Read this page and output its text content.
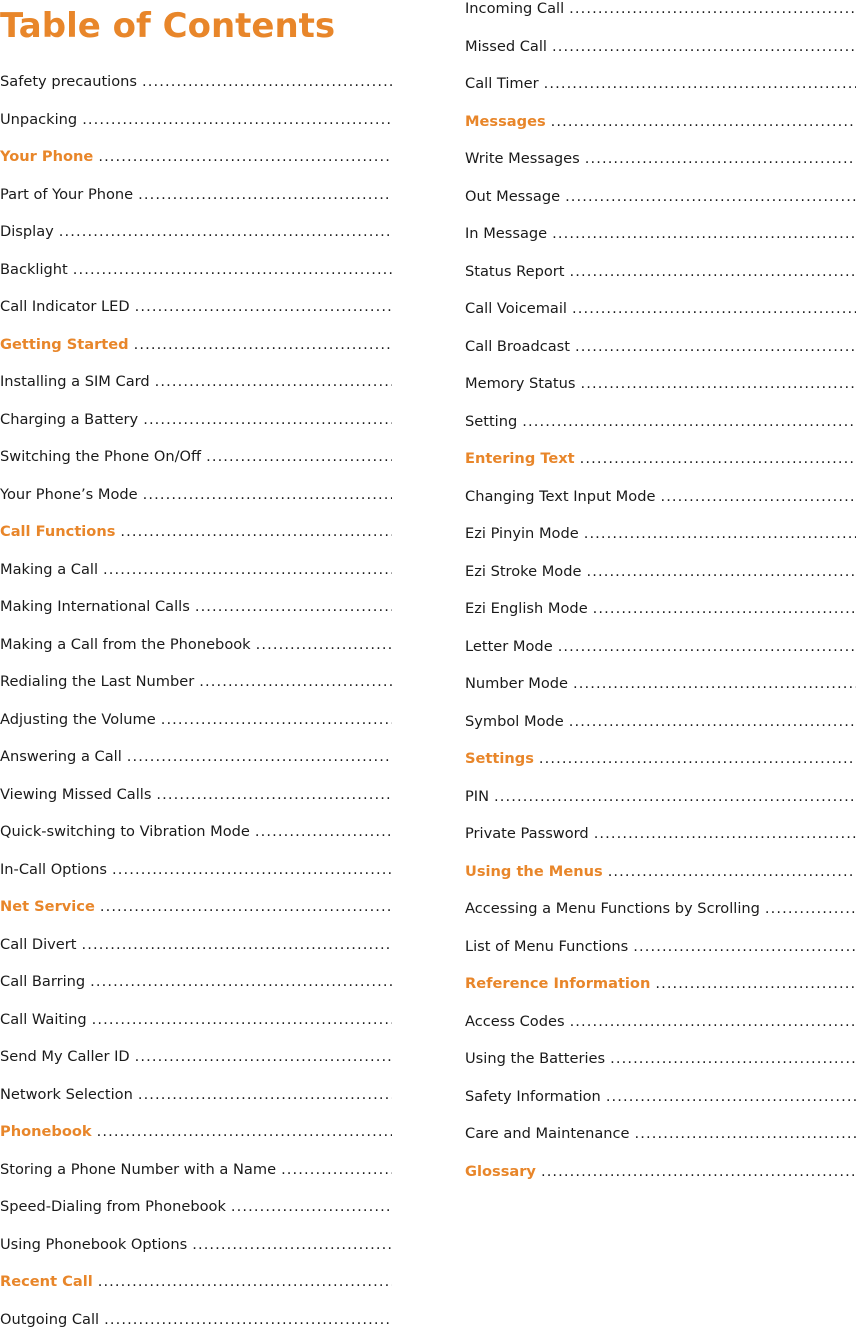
Table of Contents
Safety precautions
.....
Unpacking
.....
Your Phone
.....
Part of Your Phone
.....
Display
.....
Backlight
.....
Call Indicator LED
.....
Getting Started
.....
Installing a SIM Card
.....
Charging a Battery
.....
Switching the Phone On/Off
.....
Your Phone’s Mode
.....
Call Functions
.....
Making a Call
.....
Making International Calls
.....
Making a Call from the Phonebook
.....
Redialing the Last Number
.....
Adjusting the Volume
.....
Answering a Call
.....
Viewing Missed Calls
.....
Quick-switching to Vibration Mode
.....
In-Call Options
.....
Net Service
.....
Call Divert
.....
Call Barring
.....
Call Waiting
.....
Send My Caller ID
.....
Network Selection
.....
Phonebook
.....
Storing a Phone Number with a Name
.....
Speed-Dialing from Phonebook
.....
Using Phonebook Options
.....
Recent Call
.....
Outgoing Call
.....
Incoming Call
.....
Missed Call
.....
Call Timer
.....
Messages
.....
Write Messages
.....
Out Message
.....
In Message
.....
Status Report
.....
Call Voicemail
.....
Call Broadcast
.....
Memory Status
.....
Setting
.....
Entering Text
.....
Changing Text Input Mode
.....
Ezi Pinyin Mode
.....
Ezi Stroke Mode
.....
Ezi English Mode
.....
Letter Mode
.....
Number Mode
.....
Symbol Mode
.....
Settings
.....
PIN
.....
Private Password
.....
Using the Menus
.....
Accessing a Menu Functions by Scrolling
.....
List of Menu Functions
.....
Reference Information
.....
Access Codes
.....
Using the Batteries
.....
Safety Information
.....
Care and Maintenance
.....
Glossary
.....
